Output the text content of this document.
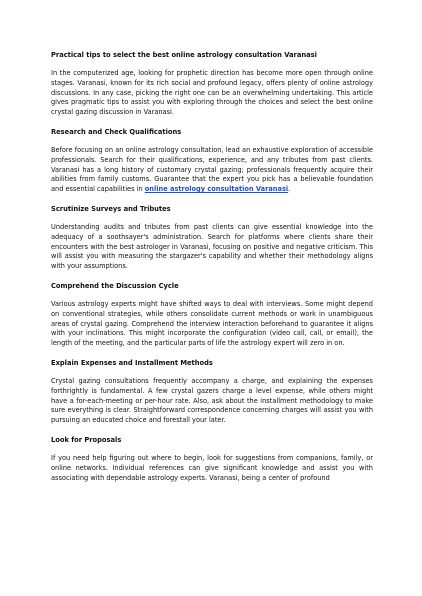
Practical tips to select the best online astrology consultation Varanasi

In the computerized age, looking for prophetic direction has become more open through online stages. Varanasi, known for its rich social and profound legacy, offers plenty of online astrology discussions. In any case, picking the right one can be an overwhelming undertaking. This article gives pragmatic tips to assist you with exploring through the choices and select the best online crystal gazing discussion in Varanasi.

Research and Check Qualifications

Before focusing on an online astrology consultation, lead an exhaustive exploration of accessible professionals. Search for their qualifications, experience, and any tributes from past clients. Varanasi has a long history of customary crystal gazing; professionals frequently acquire their abilities from family customs. Guarantee that the expert you pick has a believable foundation and essential capabilities in online astrology consultation Varanasi.

Scrutinize Surveys and Tributes

Understanding audits and tributes from past clients can give essential knowledge into the adequacy of a soothsayer's administration. Search for platforms where clients share their encounters with the best astrologer in Varanasi, focusing on positive and negative criticism. This will assist you with measuring the stargazer's capability and whether their methodology aligns with your assumptions.

Comprehend the Discussion Cycle

Various astrology experts might have shifted ways to deal with interviews. Some might depend on conventional strategies, while others consolidate current methods or work in unambiguous areas of crystal gazing. Comprehend the interview interaction beforehand to guarantee it aligns with your inclinations. This might incorporate the configuration (video call, call, or email), the length of the meeting, and the particular parts of life the astrology expert will zero in on.

Explain Expenses and Installment Methods

Crystal gazing consultations frequently accompany a charge, and explaining the expenses forthrightly is fundamental. A few crystal gazers charge a level expense, while others might have a for-each-meeting or per-hour rate. Also, ask about the installment methodology to make sure everything is clear. Straightforward correspondence concerning charges will assist you with pursuing an educated choice and forestall your later.

Look for Proposals

If you need help figuring out where to begin, look for suggestions from companions, family, or online networks. Individual references can give significant knowledge and assist you with associating with dependable astrology experts. Varanasi, being a center of profound
